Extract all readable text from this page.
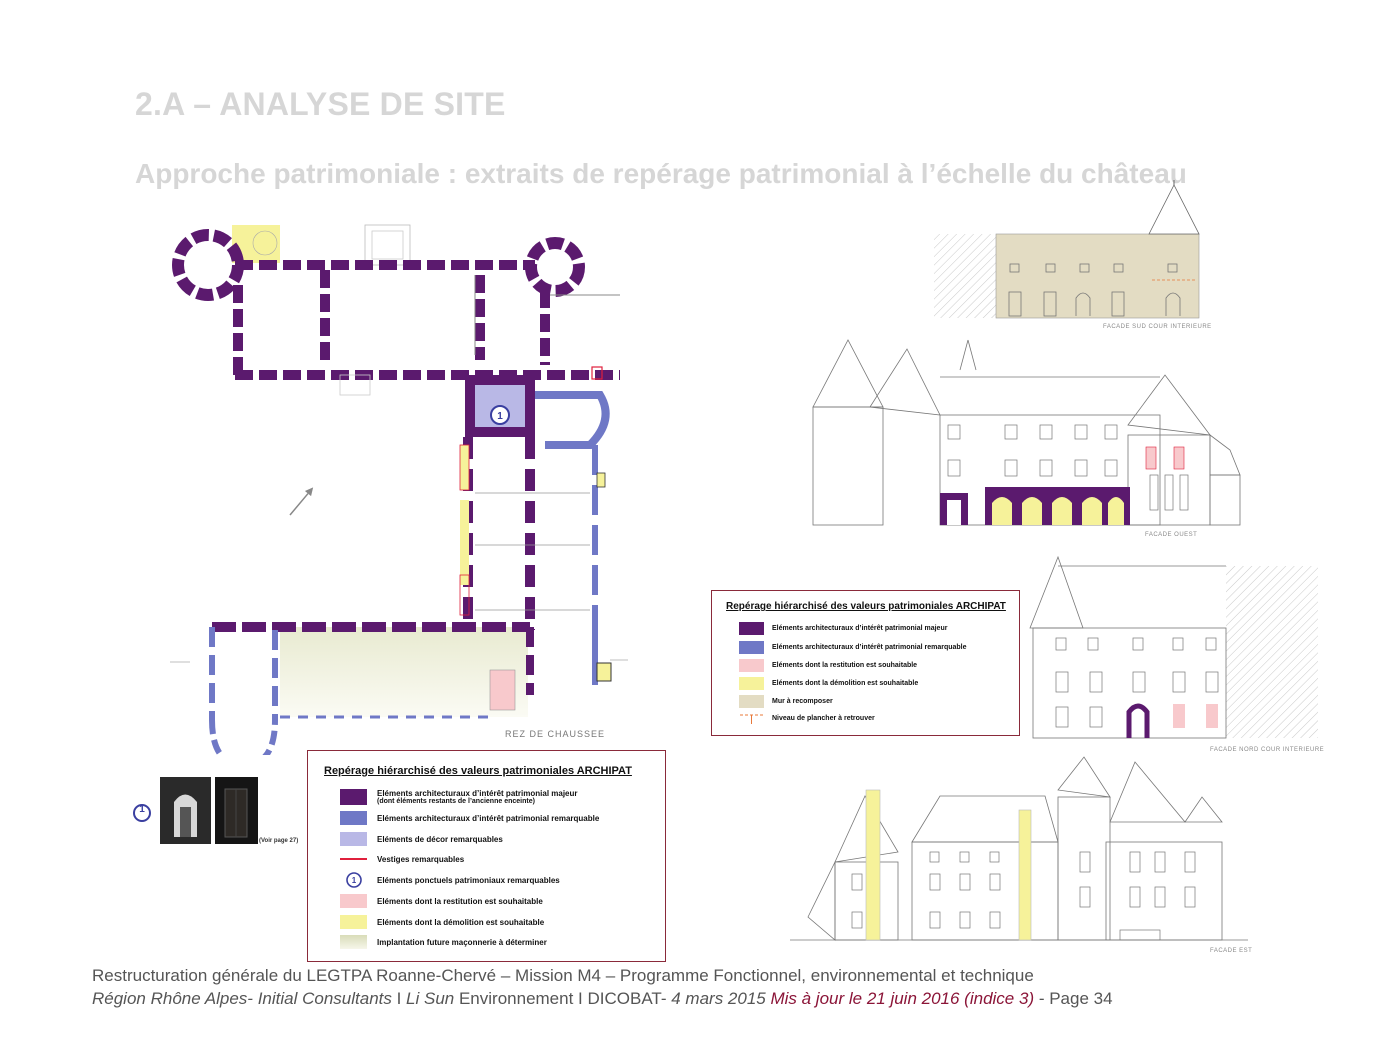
2.A – ANALYSE DE SITE
Approche patrimoniale : extraits de repérage patrimonial à l’échelle du château
1
REZ DE CHAUSSEE
1
(Voir page 27)
Repérage hiérarchisé des valeurs patrimoniales ARCHIPAT
Eléments architecturaux d’intérêt patrimonial majeur
(dont éléments restants de l’ancienne enceinte)
Eléments architecturaux d’intérêt patrimonial remarquable
Eléments de décor remarquables
Vestiges remarquables
1	Eléments ponctuels patrimoniaux remarquables
Eléments dont la restitution est souhaitable
Eléments dont la démolition est souhaitable
Implantation future maçonnerie à déterminer
Repérage hiérarchisé des valeurs patrimoniales ARCHIPAT
Eléments architecturaux d’intérêt patrimonial majeur
Eléments architecturaux d’intérêt patrimonial remarquable
Eléments dont la restitution est souhaitable
Eléments dont la démolition est souhaitable
Mur à recomposer
Niveau de plancher à retrouver
FACADE SUD COUR INTERIEURE
FACADE OUEST
FACADE NORD COUR INTERIEURE
FACADE EST
Restructuration générale du LEGTPA Roanne-Chervé – Mission M4 – Programme Fonctionnel, environnemental et technique
Région Rhône Alpes- Initial Consultants I Li Sun Environnement I DICOBAT- 4 mars 2015 Mis à jour le 21 juin 2016 (indice 3) - Page 34
